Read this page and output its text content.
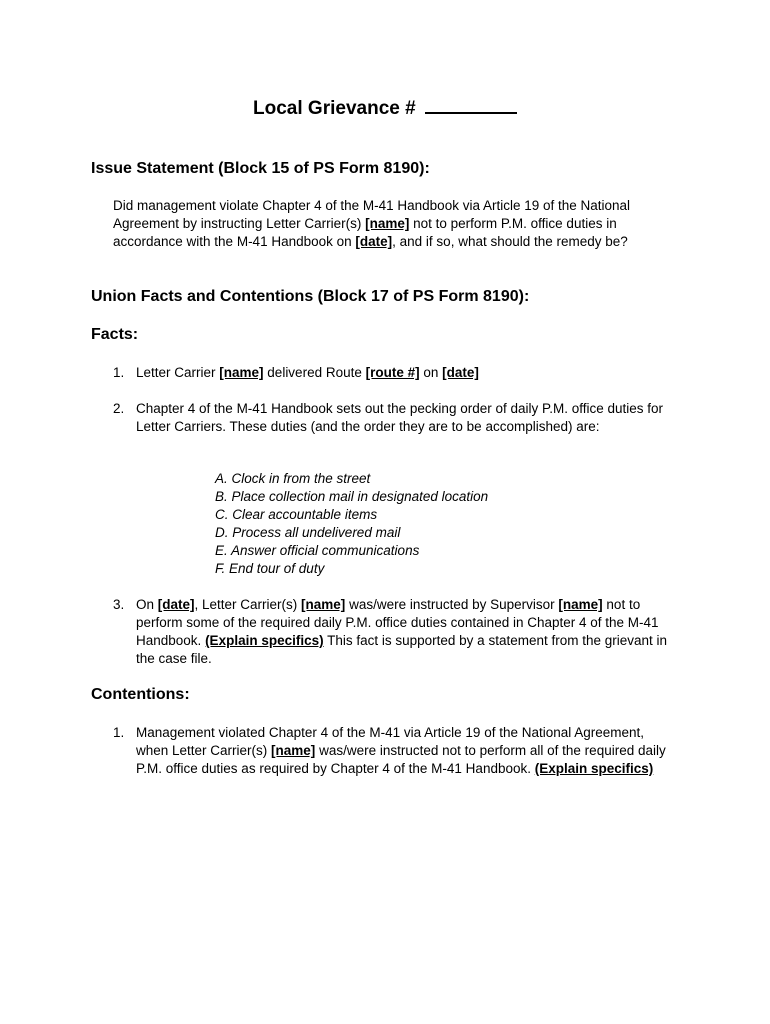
Local Grievance #
Issue Statement (Block 15 of PS Form 8190):
Did management violate Chapter 4 of the M-41 Handbook via Article 19 of the National Agreement by instructing Letter Carrier(s) [name] not to perform P.M. office duties in accordance with the M-41 Handbook on [date], and if so, what should the remedy be?
Union Facts and Contentions (Block 17 of PS Form 8190):
Facts:
1. Letter Carrier [name] delivered Route [route #] on [date]
2. Chapter 4 of the M-41 Handbook sets out the pecking order of daily P.M. office duties for Letter Carriers. These duties (and the order they are to be accomplished) are:
A. Clock in from the street
B. Place collection mail in designated location
C. Clear accountable items
D. Process all undelivered mail
E. Answer official communications
F. End tour of duty
3. On [date], Letter Carrier(s) [name] was/were instructed by Supervisor [name] not to perform some of the required daily P.M. office duties contained in Chapter 4 of the M-41 Handbook. (Explain specifics) This fact is supported by a statement from the grievant in the case file.
Contentions:
1. Management violated Chapter 4 of the M-41 via Article 19 of the National Agreement, when Letter Carrier(s) [name] was/were instructed not to perform all of the required daily P.M. office duties as required by Chapter 4 of the M-41 Handbook. (Explain specifics)
